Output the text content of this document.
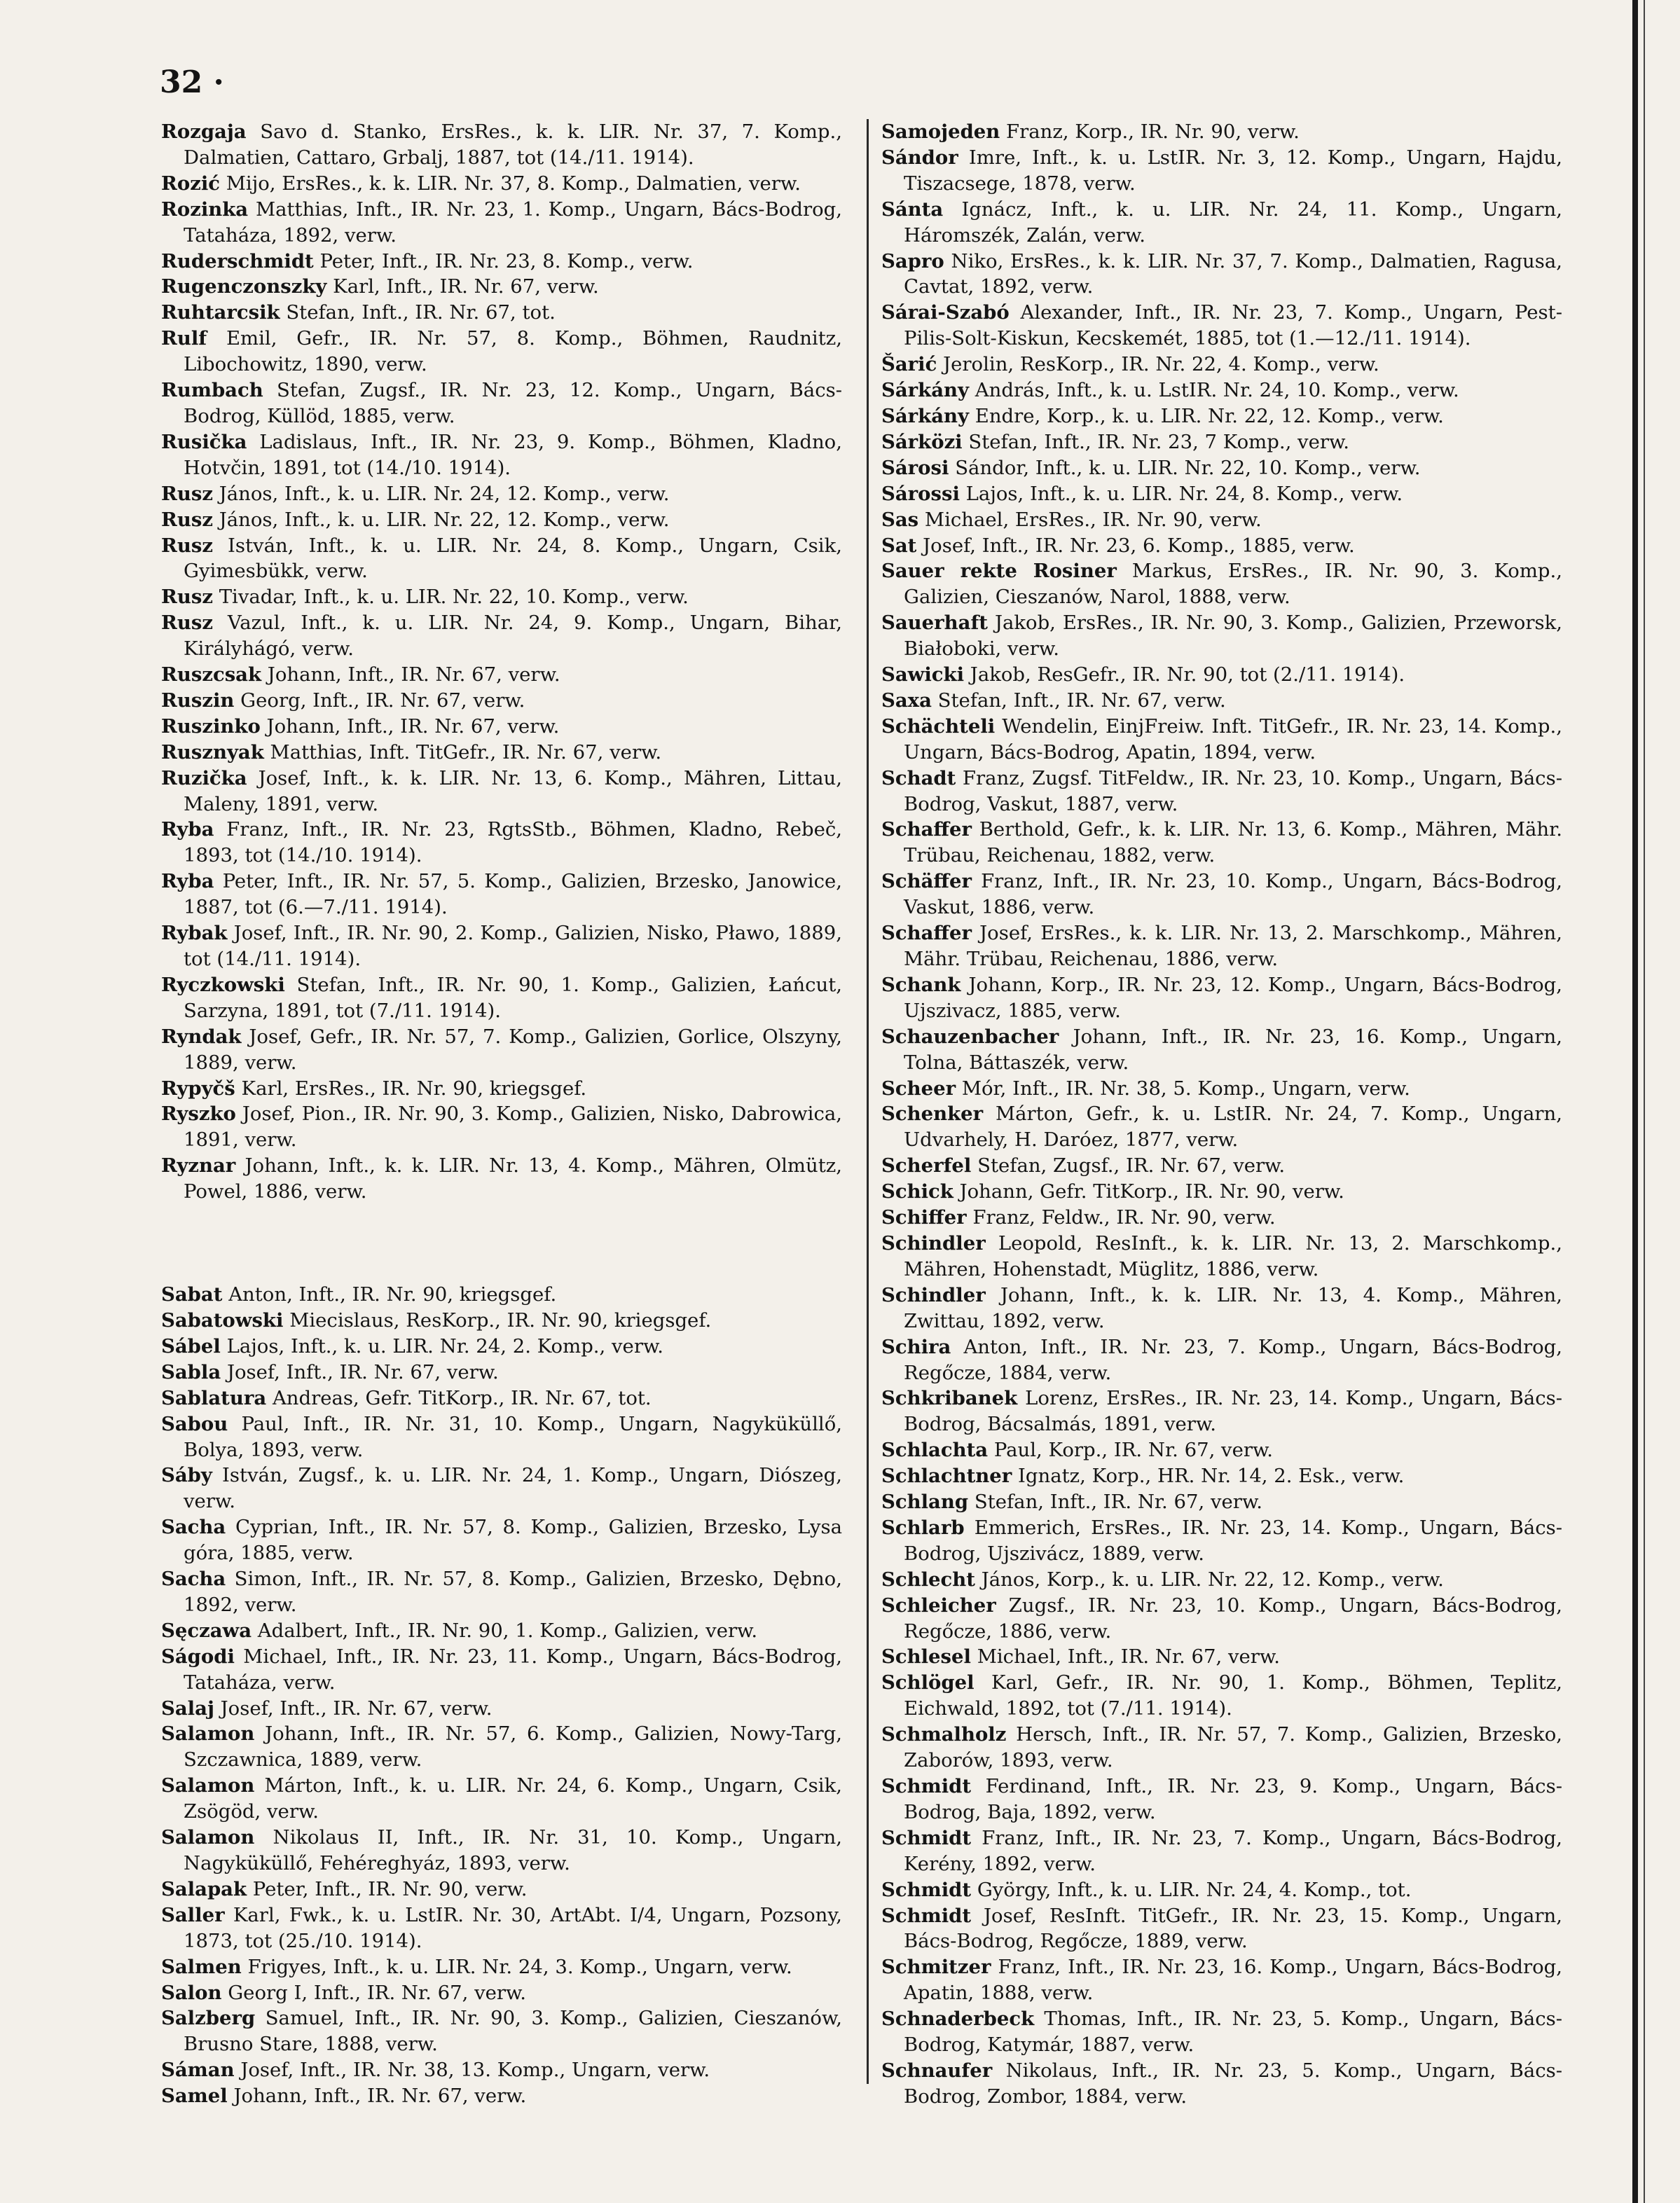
32 ·

Rozgaja Savo d. Stanko, ErsRes., k. k. LIR. Nr. 37, 7. Komp., Dalmatien, Cattaro, Grbalj, 1887, tot (14./11. 1914).

Rozić Mijo, ErsRes., k. k. LIR. Nr. 37, 8. Komp., Dalmatien, verw.

Rozinka Matthias, Inft., IR. Nr. 23, 1. Komp., Ungarn, Bács-Bodrog, Tataháza, 1892, verw.

Ruderschmidt Peter, Inft., IR. Nr. 23, 8. Komp., verw.

Rugenczonszky Karl, Inft., IR. Nr. 67, verw.

Ruhtarcsik Stefan, Inft., IR. Nr. 67, tot.

Rulf Emil, Gefr., IR. Nr. 57, 8. Komp., Böhmen, Raudnitz, Libochowitz, 1890, verw.

Rumbach Stefan, Zugsf., IR. Nr. 23, 12. Komp., Ungarn, Bács-Bodrog, Küllöd, 1885, verw.

Rusička Ladislaus, Inft., IR. Nr. 23, 9. Komp., Böhmen, Kladno, Hotvčin, 1891, tot (14./10. 1914).

Rusz János, Inft., k. u. LIR. Nr. 24, 12. Komp., verw.

Rusz János, Inft., k. u. LIR. Nr. 22, 12. Komp., verw.

Rusz István, Inft., k. u. LIR. Nr. 24, 8. Komp., Ungarn, Csik, Gyimesbükk, verw.

Rusz Tivadar, Inft., k. u. LIR. Nr. 22, 10. Komp., verw.

Rusz Vazul, Inft., k. u. LIR. Nr. 24, 9. Komp., Ungarn, Bihar, Királyhágó, verw.

Ruszcsak Johann, Inft., IR. Nr. 67, verw.

Ruszin Georg, Inft., IR. Nr. 67, verw.

Ruszinko Johann, Inft., IR. Nr. 67, verw.

Rusznyak Matthias, Inft. TitGefr., IR. Nr. 67, verw.

Ruzička Josef, Inft., k. k. LIR. Nr. 13, 6. Komp., Mähren, Littau, Maleny, 1891, verw.

Ryba Franz, Inft., IR. Nr. 23, RgtsStb., Böhmen, Kladno, Rebeč, 1893, tot (14./10. 1914).

Ryba Peter, Inft., IR. Nr. 57, 5. Komp., Galizien, Brzesko, Janowice, 1887, tot (6.—7./11. 1914).

Rybak Josef, Inft., IR. Nr. 90, 2. Komp., Galizien, Nisko, Pławo, 1889, tot (14./11. 1914).

Ryczkowski Stefan, Inft., IR. Nr. 90, 1. Komp., Galizien, Łańcut, Sarzyna, 1891, tot (7./11. 1914).

Ryndak Josef, Gefr., IR. Nr. 57, 7. Komp., Galizien, Gorlice, Olszyny, 1889, verw.

Rypyčš Karl, ErsRes., IR. Nr. 90, kriegsgef.

Ryszko Josef, Pion., IR. Nr. 90, 3. Komp., Galizien, Nisko, Dabrowica, 1891, verw.

Ryznar Johann, Inft., k. k. LIR. Nr. 13, 4. Komp., Mähren, Olmütz, Powel, 1886, verw.

Sabat Anton, Inft., IR. Nr. 90, kriegsgef.

Sabatowski Miecislaus, ResKorp., IR. Nr. 90, kriegsgef.

Sábel Lajos, Inft., k. u. LIR. Nr. 24, 2. Komp., verw.

Sabla Josef, Inft., IR. Nr. 67, verw.

Sablatura Andreas, Gefr. TitKorp., IR. Nr. 67, tot.

Sabou Paul, Inft., IR. Nr. 31, 10. Komp., Ungarn, Nagyküküllő, Bolya, 1893, verw.

Sáby István, Zugsf., k. u. LIR. Nr. 24, 1. Komp., Ungarn, Diószeg, verw.

Sacha Cyprian, Inft., IR. Nr. 57, 8. Komp., Galizien, Brzesko, Lysa góra, 1885, verw.

Sacha Simon, Inft., IR. Nr. 57, 8. Komp., Galizien, Brzesko, Dębno, 1892, verw.

Sęczawa Adalbert, Inft., IR. Nr. 90, 1. Komp., Galizien, verw.

Ságodi Michael, Inft., IR. Nr. 23, 11. Komp., Ungarn, Bács-Bodrog, Tataháza, verw.

Salaj Josef, Inft., IR. Nr. 67, verw.

Salamon Johann, Inft., IR. Nr. 57, 6. Komp., Galizien, Nowy-Targ, Szczawnica, 1889, verw.

Salamon Márton, Inft., k. u. LIR. Nr. 24, 6. Komp., Ungarn, Csik, Zsögöd, verw.

Salamon Nikolaus II, Inft., IR. Nr. 31, 10. Komp., Ungarn, Nagyküküllő, Fehéreghyáz, 1893, verw.

Salapak Peter, Inft., IR. Nr. 90, verw.

Saller Karl, Fwk., k. u. LstIR. Nr. 30, ArtAbt. I/4, Ungarn, Pozsony, 1873, tot (25./10. 1914).

Salmen Frigyes, Inft., k. u. LIR. Nr. 24, 3. Komp., Ungarn, verw.

Salon Georg I, Inft., IR. Nr. 67, verw.

Salzberg Samuel, Inft., IR. Nr. 90, 3. Komp., Galizien, Cieszanów, Brusno Stare, 1888, verw.

Sáman Josef, Inft., IR. Nr. 38, 13. Komp., Ungarn, verw.

Samel Johann, Inft., IR. Nr. 67, verw.

Samojeden Franz, Korp., IR. Nr. 90, verw.

Sándor Imre, Inft., k. u. LstIR. Nr. 3, 12. Komp., Ungarn, Hajdu, Tiszacsege, 1878, verw.

Sánta Ignácz, Inft., k. u. LIR. Nr. 24, 11. Komp., Ungarn, Háromszék, Zalán, verw.

Sapro Niko, ErsRes., k. k. LIR. Nr. 37, 7. Komp., Dalmatien, Ragusa, Cavtat, 1892, verw.

Sárai-Szabó Alexander, Inft., IR. Nr. 23, 7. Komp., Ungarn, Pest-Pilis-Solt-Kiskun, Kecskemét, 1885, tot (1.—12./11. 1914).

Šarić Jerolin, ResKorp., IR. Nr. 22, 4. Komp., verw.

Sárkány András, Inft., k. u. LstIR. Nr. 24, 10. Komp., verw.

Sárkány Endre, Korp., k. u. LIR. Nr. 22, 12. Komp., verw.

Sárközi Stefan, Inft., IR. Nr. 23, 7 Komp., verw.

Sárosi Sándor, Inft., k. u. LIR. Nr. 22, 10. Komp., verw.

Sárossi Lajos, Inft., k. u. LIR. Nr. 24, 8. Komp., verw.

Sas Michael, ErsRes., IR. Nr. 90, verw.

Sat Josef, Inft., IR. Nr. 23, 6. Komp., 1885, verw.

Sauer rekte Rosiner Markus, ErsRes., IR. Nr. 90, 3. Komp., Galizien, Cieszanów, Narol, 1888, verw.

Sauerhaft Jakob, ErsRes., IR. Nr. 90, 3. Komp., Galizien, Przeworsk, Białoboki, verw.

Sawicki Jakob, ResGefr., IR. Nr. 90, tot (2./11. 1914).

Saxa Stefan, Inft., IR. Nr. 67, verw.

Schächteli Wendelin, EinjFreiw. Inft. TitGefr., IR. Nr. 23, 14. Komp., Ungarn, Bács-Bodrog, Apatin, 1894, verw.

Schadt Franz, Zugsf. TitFeldw., IR. Nr. 23, 10. Komp., Ungarn, Bács-Bodrog, Vaskut, 1887, verw.

Schaffer Berthold, Gefr., k. k. LIR. Nr. 13, 6. Komp., Mähren, Mähr. Trübau, Reichenau, 1882, verw.

Schäffer Franz, Inft., IR. Nr. 23, 10. Komp., Ungarn, Bács-Bodrog, Vaskut, 1886, verw.

Schaffer Josef, ErsRes., k. k. LIR. Nr. 13, 2. Marschkomp., Mähren, Mähr. Trübau, Reichenau, 1886, verw.

Schank Johann, Korp., IR. Nr. 23, 12. Komp., Ungarn, Bács-Bodrog, Ujszivacz, 1885, verw.

Schauzenbacher Johann, Inft., IR. Nr. 23, 16. Komp., Ungarn, Tolna, Báttaszék, verw.

Scheer Mór, Inft., IR. Nr. 38, 5. Komp., Ungarn, verw.

Schenker Márton, Gefr., k. u. LstIR. Nr. 24, 7. Komp., Ungarn, Udvarhely, H. Daróez, 1877, verw.

Scherfel Stefan, Zugsf., IR. Nr. 67, verw.

Schick Johann, Gefr. TitKorp., IR. Nr. 90, verw.

Schiffer Franz, Feldw., IR. Nr. 90, verw.

Schindler Leopold, ResInft., k. k. LIR. Nr. 13, 2. Marschkomp., Mähren, Hohenstadt, Müglitz, 1886, verw.

Schindler Johann, Inft., k. k. LIR. Nr. 13, 4. Komp., Mähren, Zwittau, 1892, verw.

Schira Anton, Inft., IR. Nr. 23, 7. Komp., Ungarn, Bács-Bodrog, Regőcze, 1884, verw.

Schkribanek Lorenz, ErsRes., IR. Nr. 23, 14. Komp., Ungarn, Bács-Bodrog, Bácsalmás, 1891, verw.

Schlachta Paul, Korp., IR. Nr. 67, verw.

Schlachtner Ignatz, Korp., HR. Nr. 14, 2. Esk., verw.

Schlang Stefan, Inft., IR. Nr. 67, verw.

Schlarb Emmerich, ErsRes., IR. Nr. 23, 14. Komp., Ungarn, Bács-Bodrog, Ujszivácz, 1889, verw.

Schlecht János, Korp., k. u. LIR. Nr. 22, 12. Komp., verw.

Schleicher Zugsf., IR. Nr. 23, 10. Komp., Ungarn, Bács-Bodrog, Regőcze, 1886, verw.

Schlesel Michael, Inft., IR. Nr. 67, verw.

Schlögel Karl, Gefr., IR. Nr. 90, 1. Komp., Böhmen, Teplitz, Eichwald, 1892, tot (7./11. 1914).

Schmalholz Hersch, Inft., IR. Nr. 57, 7. Komp., Galizien, Brzesko, Zaborów, 1893, verw.

Schmidt Ferdinand, Inft., IR. Nr. 23, 9. Komp., Ungarn, Bács-Bodrog, Baja, 1892, verw.

Schmidt Franz, Inft., IR. Nr. 23, 7. Komp., Ungarn, Bács-Bodrog, Kerény, 1892, verw.

Schmidt György, Inft., k. u. LIR. Nr. 24, 4. Komp., tot.

Schmidt Josef, ResInft. TitGefr., IR. Nr. 23, 15. Komp., Ungarn, Bács-Bodrog, Regőcze, 1889, verw.

Schmitzer Franz, Inft., IR. Nr. 23, 16. Komp., Ungarn, Bács-Bodrog, Apatin, 1888, verw.

Schnaderbeck Thomas, Inft., IR. Nr. 23, 5. Komp., Ungarn, Bács-Bodrog, Katymár, 1887, verw.

Schnaufer Nikolaus, Inft., IR. Nr. 23, 5. Komp., Ungarn, Bács-Bodrog, Zombor, 1884, verw.
